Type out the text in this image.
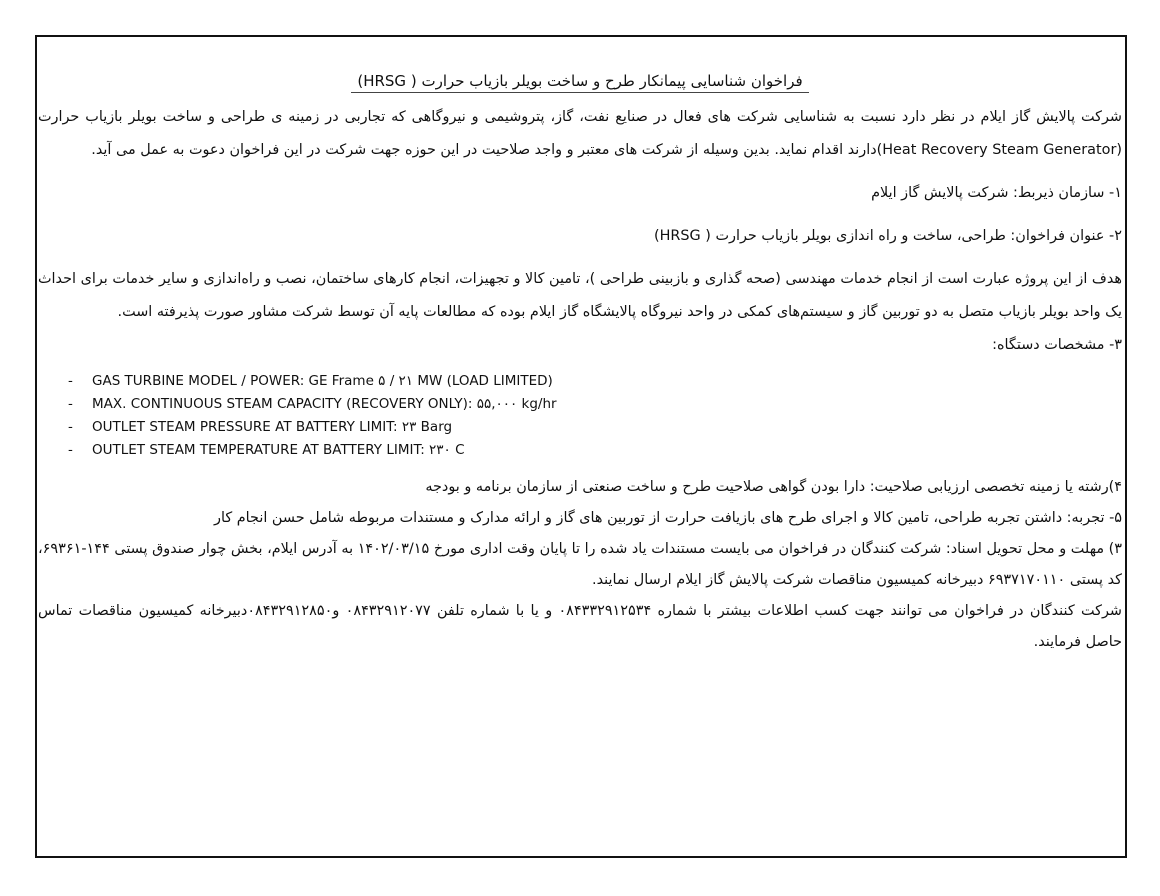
فراخوان شناسایی پیمانکار طرح و ساخت بویلر بازیاب حرارت ( HRSG)

شرکت پالایش گاز ایلام در نظر دارد نسبت به شناسایی شرکت های فعال در صنایع نفت، گاز، پتروشیمی و نیروگاهی که تجاربی در زمینه ی طراحی و ساخت بویلر بازیاب حرارت (Heat Recovery Steam Generator)دارند اقدام نماید. بدین وسیله از شرکت های معتبر و واجد صلاحیت در این حوزه جهت شرکت در این فراخوان دعوت به عمل می آید.

۱- سازمان ذیربط: شرکت پالایش گاز ایلام

۲- عنوان فراخوان: طراحی، ساخت و راه اندازی بویلر بازیاب حرارت ( HRSG)

هدف از این پروژه عبارت است از انجام خدمات مهندسی (صحه گذاری و بازبینی طراحی )، تامین کالا و تجهیزات، انجام کارهای ساختمان، نصب و راه‌اندازی و سایر خدمات برای احداث یک واحد بویلر بازیاب متصل به دو توربین گاز و سیستم‌های کمکی در واحد نیروگاه پالایشگاه گاز ایلام بوده که مطالعات پایه آن توسط شرکت مشاور صورت پذیرفته است.

۳- مشخصات دستگاه:

- GAS TURBINE MODEL / POWER: GE Frame ۵ / ۲۱ MW (LOAD LIMITED)
- MAX. CONTINUOUS STEAM CAPACITY (RECOVERY ONLY): ۵۵,۰۰۰ kg/hr
- OUTLET STEAM PRESSURE AT BATTERY LIMIT: ۲۳ Barg
- OUTLET STEAM TEMPERATURE AT BATTERY LIMIT: ۲۳۰ C

۴)رشته یا زمینه تخصصی ارزیابی صلاحیت: دارا بودن گواهی صلاحیت طرح و ساخت صنعتی از سازمان برنامه و بودجه

۵- تجربه: داشتن تجربه طراحی، تامین کالا و اجرای طرح های بازیافت حرارت از توربین های گاز و ارائه مدارک و مستندات مربوطه شامل حسن انجام کار

۳) مهلت و محل تحویل اسناد: شرکت کنندگان در فراخوان می بایست مستندات یاد شده را تا پایان وقت اداری مورخ ۱۴۰۲/۰۳/۱۵ به آدرس ایلام، بخش چوار صندوق پستی ۱۴۴-۶۹۳۶۱، کد پستی ۶۹۳۷۱۷۰۱۱۰ دبیرخانه کمیسیون مناقصات شرکت پالایش گاز ایلام ارسال نمایند.

شرکت کنندگان در فراخوان می توانند جهت کسب اطلاعات بیشتر با شماره ۰۸۴۳۳۲۹۱۲۵۳۴ و یا با شماره تلفن ۰۸۴۳۲۹۱۲۰۷۷ و۰۸۴۳۲۹۱۲۸۵۰دبیرخانه کمیسیون مناقصات تماس حاصل فرمایند.
